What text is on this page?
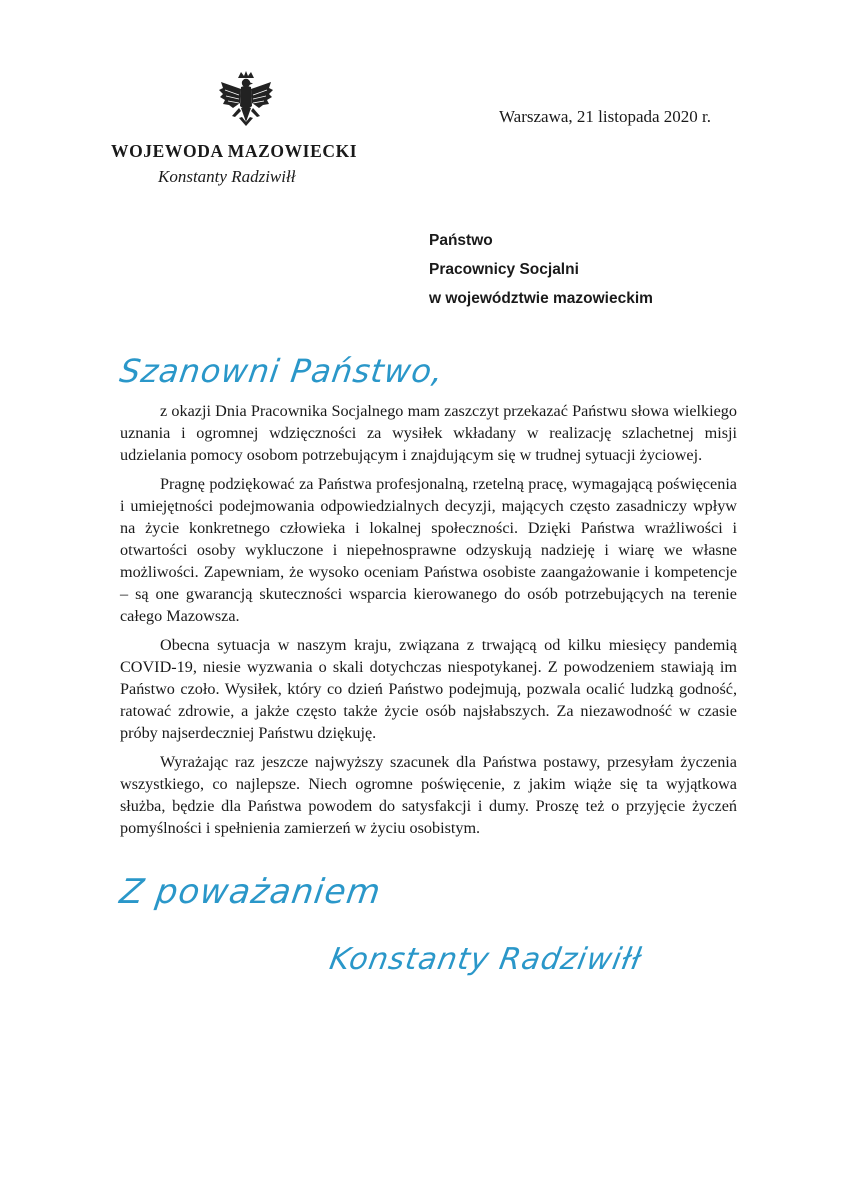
WOJEWODA MAZOWIECKI
Konstanty Radziwiłł
Warszawa, 21 listopada 2020 r.
Państwo
Pracownicy Socjalni
w województwie mazowieckim
Szanowni Państwo,

z okazji Dnia Pracownika Socjalnego mam zaszczyt przekazać Państwu słowa wielkiego uznania i ogromnej wdzięczności za wysiłek wkładany w realizację szlachetnej misji udzielania pomocy osobom potrzebującym i znajdującym się w trudnej sytuacji życiowej.

Pragnę podziękować za Państwa profesjonalną, rzetelną pracę, wymagającą poświęcenia i umiejętności podejmowania odpowiedzialnych decyzji, mających często zasadniczy wpływ na życie konkretnego człowieka i lokalnej społeczności. Dzięki Państwa wrażliwości i otwartości osoby wykluczone i niepełnosprawne odzyskują nadzieję i wiarę we własne możliwości. Zapewniam, że wysoko oceniam Państwa osobiste zaangażowanie i kompetencje – są one gwarancją skuteczności wsparcia kierowanego do osób potrzebujących na terenie całego Mazowsza.

Obecna sytuacja w naszym kraju, związana z trwającą od kilku miesięcy pandemią COVID-19, niesie wyzwania o skali dotychczas niespotykanej. Z powodzeniem stawiają im Państwo czoło. Wysiłek, który co dzień Państwo podejmują, pozwala ocalić ludzką godność, ratować zdrowie, a jakże często także życie osób najsłabszych. Za niezawodność w czasie próby najserdeczniej Państwu dziękuję.

Wyrażając raz jeszcze najwyższy szacunek dla Państwa postawy, przesyłam życzenia wszystkiego, co najlepsze. Niech ogromne poświęcenie, z jakim wiąże się ta wyjątkowa służba, będzie dla Państwa powodem do satysfakcji i dumy. Proszę też o przyjęcie życzeń pomyślności i spełnienia zamierzeń w życiu osobistym.

Z poważaniem
Konstanty Radziwiłł
